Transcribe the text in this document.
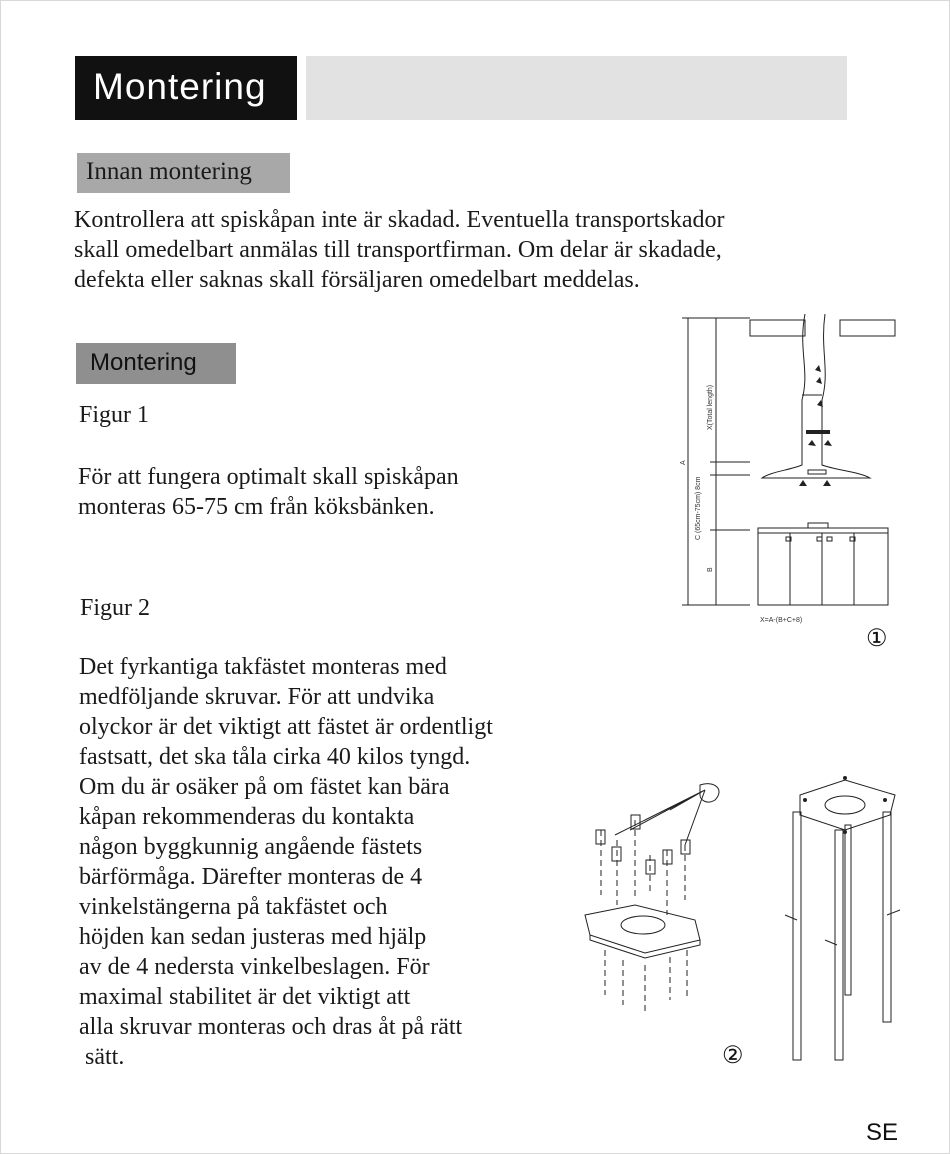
Montering
Innan montering
Kontrollera att spiskåpan inte är skadad. Eventuella transportskador
skall omedelbart anmälas till transportfirman. Om delar är skadade,
defekta eller saknas skall försäljaren omedelbart meddelas.
Montering
Figur 1
För att fungera optimalt skall spiskåpan
monteras 65-75 cm från köksbänken.
Figur 2
Det fyrkantiga takfästet monteras med
medföljande skruvar. För att undvika
olyckor är det viktigt att fästet är ordentligt
fastsatt, det ska tåla cirka 40 kilos tyngd.
Om du är osäker på om fästet kan bära
kåpan rekommenderas du kontakta
någon byggkunnig angående fästets
bärförmåga. Därefter monteras de 4
vinkelstängerna på takfästet och
höjden kan sedan justeras med hjälp
av de 4 nedersta vinkelbeslagen. För
maximal stabilitet är det viktigt att
alla skruvar monteras och dras åt på rätt
sätt.
X(Total length)
A
C (65cm-75cm) 8cm
B
X=A-(B+C+8)
①
②
SE
